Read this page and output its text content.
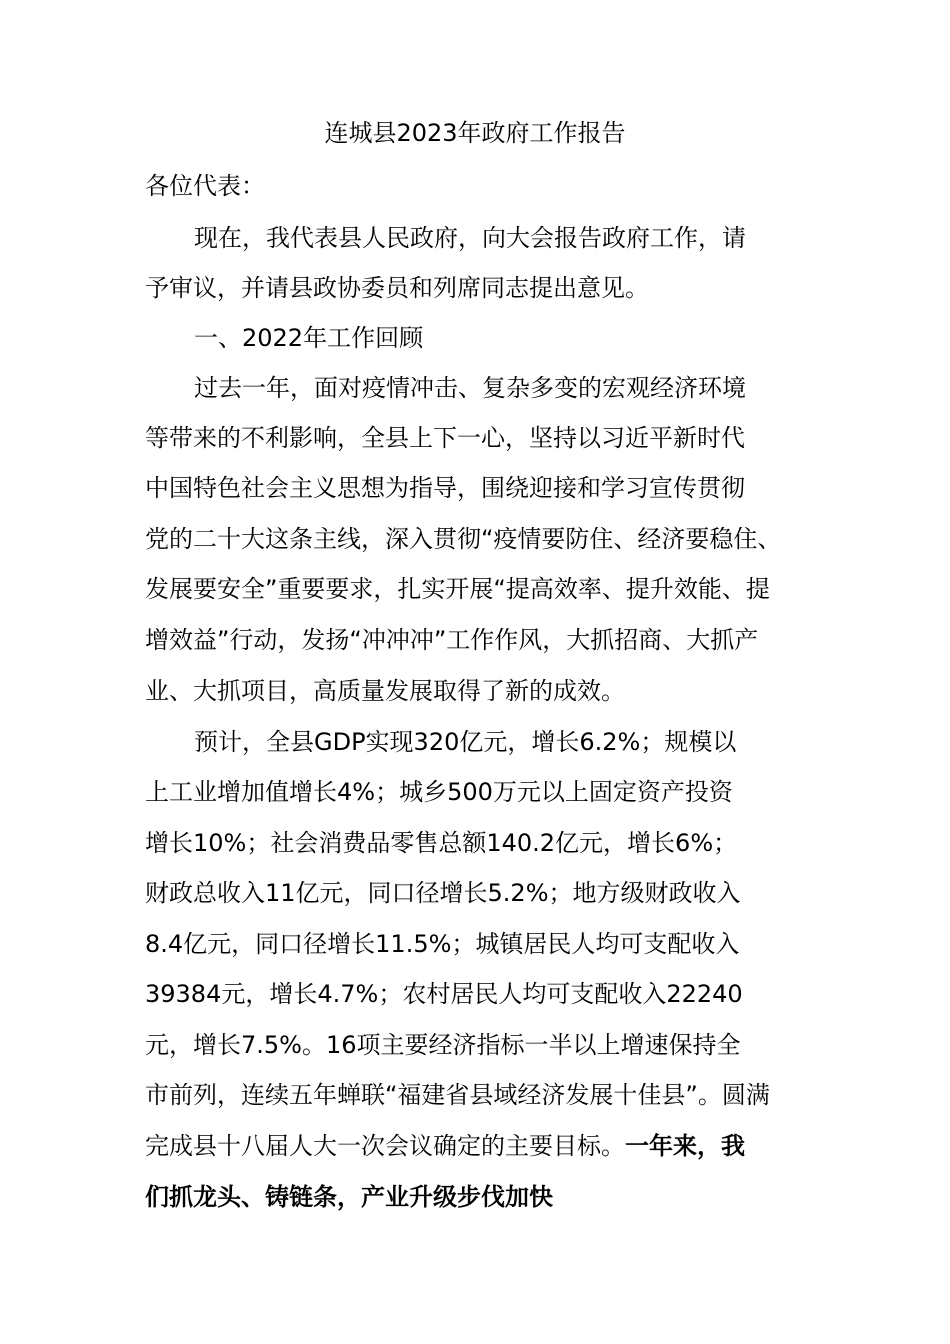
连城县2023年政府工作报告
各位代表：
现在，我代表县人民政府，向大会报告政府工作，请
予审议，并请县政协委员和列席同志提出意见。
一、2022年工作回顾
过去一年，面对疫情冲击、复杂多变的宏观经济环境
等带来的不利影响，全县上下一心，坚持以习近平新时代
中国特色社会主义思想为指导，围绕迎接和学习宣传贯彻
党的二十大这条主线，深入贯彻“疫情要防住、经济要稳住、
发展要安全”重要要求，扎实开展“提高效率、提升效能、提
增效益”行动，发扬“冲冲冲”工作作风，大抓招商、大抓产
业、大抓项目，高质量发展取得了新的成效。
预计，全县GDP实现320亿元，增长6.2%；规模以
上工业增加值增长4%；城乡500万元以上固定资产投资
增长10%；社会消费品零售总额140.2亿元，增长6%；
财政总收入11亿元，同口径增长5.2%；地方级财政收入
8.4亿元，同口径增长11.5%；城镇居民人均可支配收入
39384元，增长4.7%；农村居民人均可支配收入22240
元，增长7.5%。16项主要经济指标一半以上增速保持全
市前列，连续五年蝉联“福建省县域经济发展十佳县”。圆满
完成县十八届人大一次会议确定的主要目标。一年来，我
们抓龙头、铸链条，产业升级步伐加快
